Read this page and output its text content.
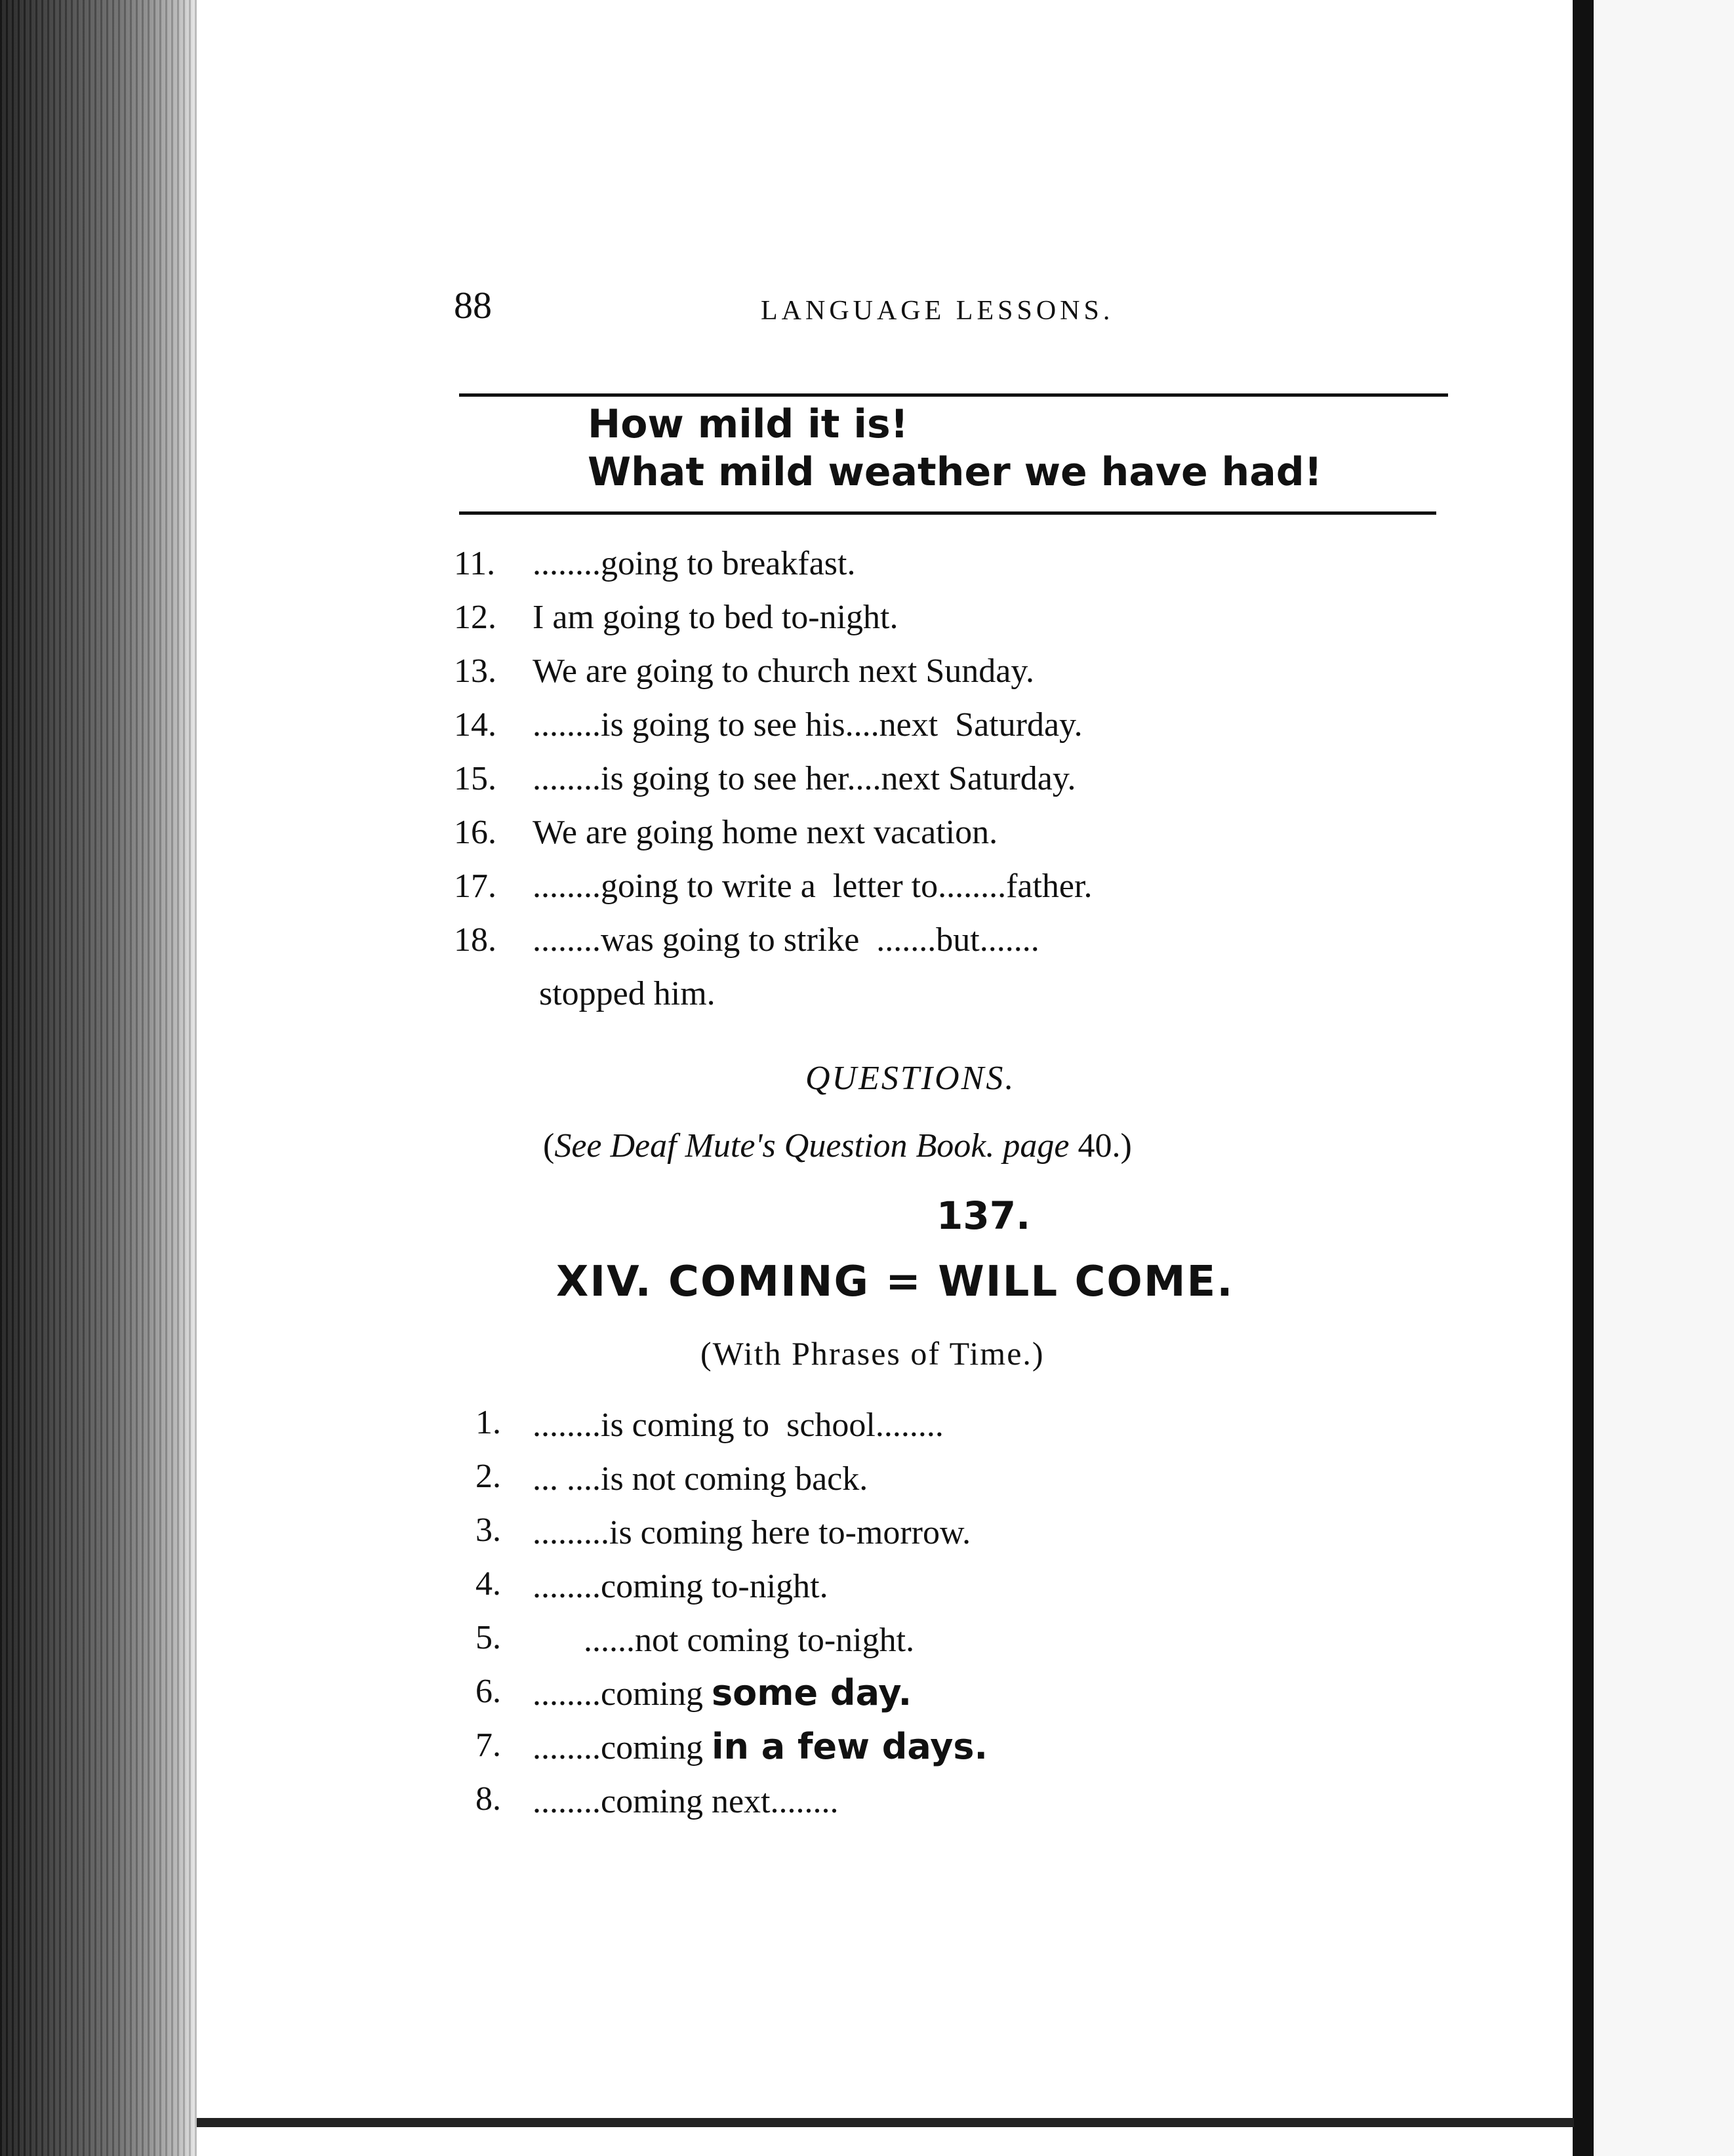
88	LANGUAGE LESSONS.
How mild it is!
What mild weather we have had!
11. ........going to breakfast.
12. I am going to bed to-night.
13. We are going to church next Sunday.
14. ........is going to see his....next  Saturday.
15. ........is going to see her....next Saturday.
16. We are going home next vacation.
17. ........going to write a  letter to........father.
18. ........was going to strike  .......but.......
stopped him.
QUESTIONS.
(See Deaf Mute's Question Book. page 40.)
137.
XIV. COMING = WILL COME.
(With Phrases of Time.)
1. ........is coming to  school........
2. ... ....is not coming back.
3. .........is coming here to-morrow.
4. ........coming to-night.
5. ......not coming to-night.
6. ........coming some day.
7. ........coming in a few days.
8. ........coming next........
